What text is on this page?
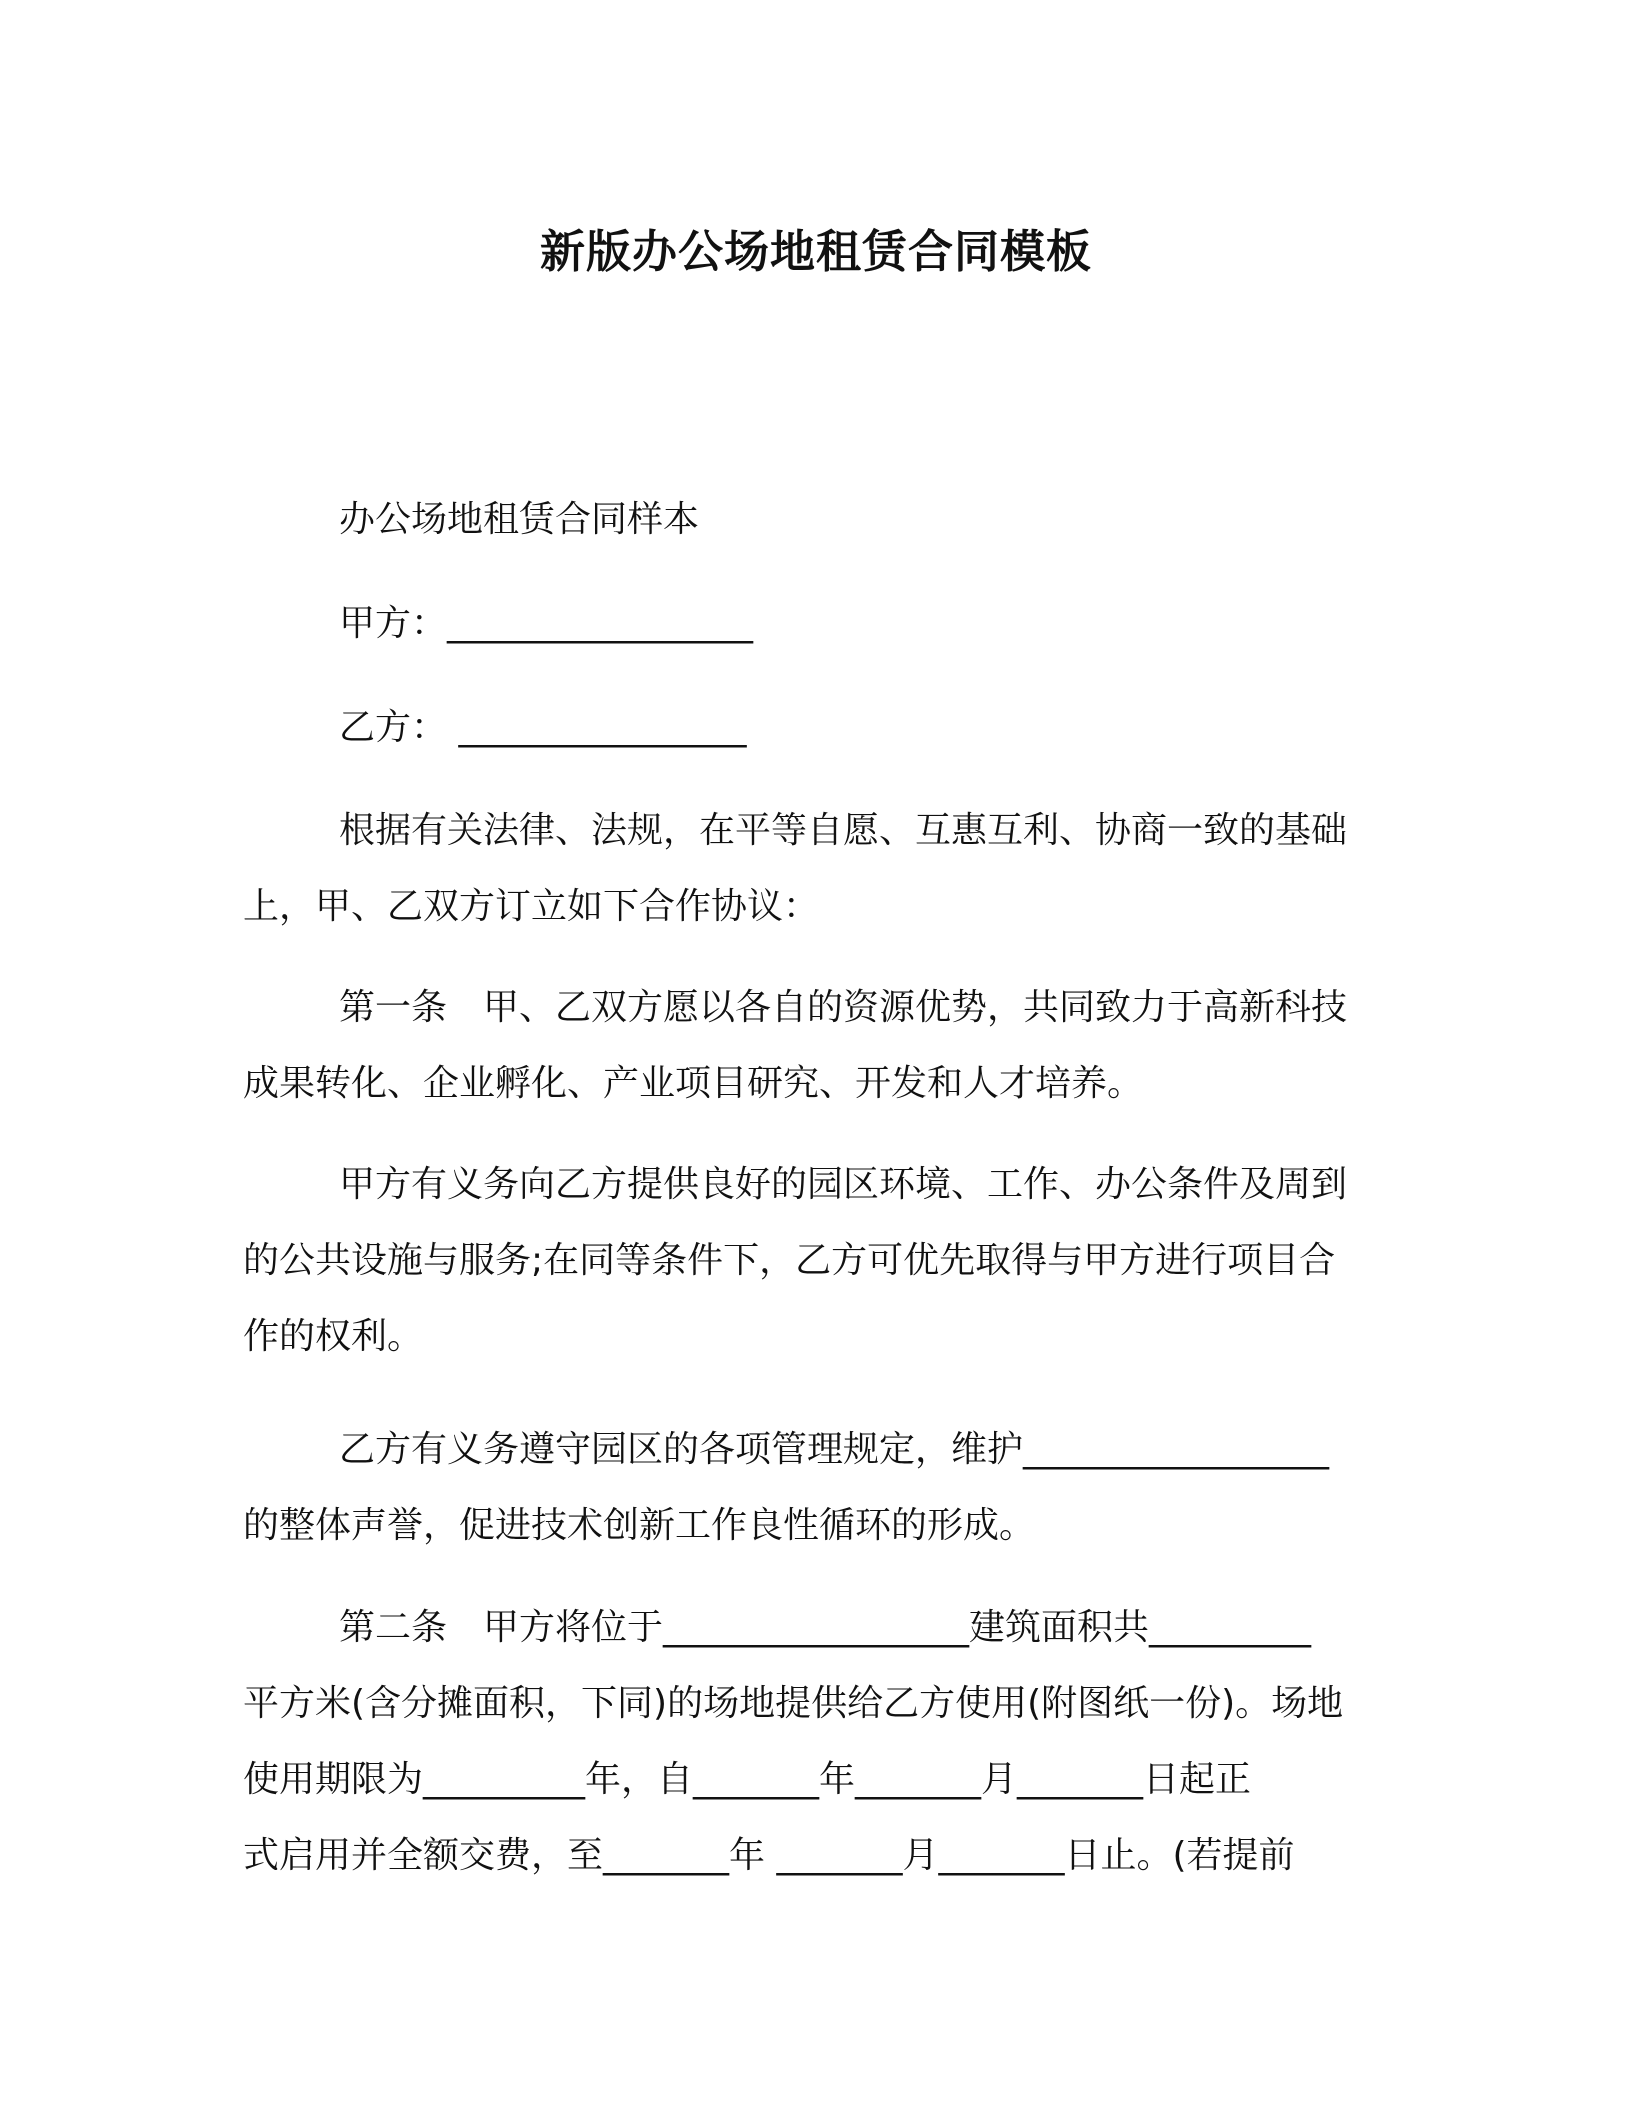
新版办公场地租赁合同模板
办公场地租赁合同样本
甲方：_________________
乙方： ________________
根据有关法律、法规，在平等自愿、互惠互利、协商一致的基础
上，甲、乙双方订立如下合作协议：
第一条　甲、乙双方愿以各自的资源优势，共同致力于高新科技
成果转化、企业孵化、产业项目研究、开发和人才培养。
甲方有义务向乙方提供良好的园区环境、工作、办公条件及周到
的公共设施与服务;在同等条件下，乙方可优先取得与甲方进行项目合
作的权利。
乙方有义务遵守园区的各项管理规定，维护_________________
的整体声誉，促进技术创新工作良性循环的形成。
第二条　甲方将位于_________________建筑面积共_________
平方米(含分摊面积，下同)的场地提供给乙方使用(附图纸一份)。场地
使用期限为_________年，自_______年_______月_______日起正
式启用并全额交费，至_______年 _______月_______日止。(若提前
